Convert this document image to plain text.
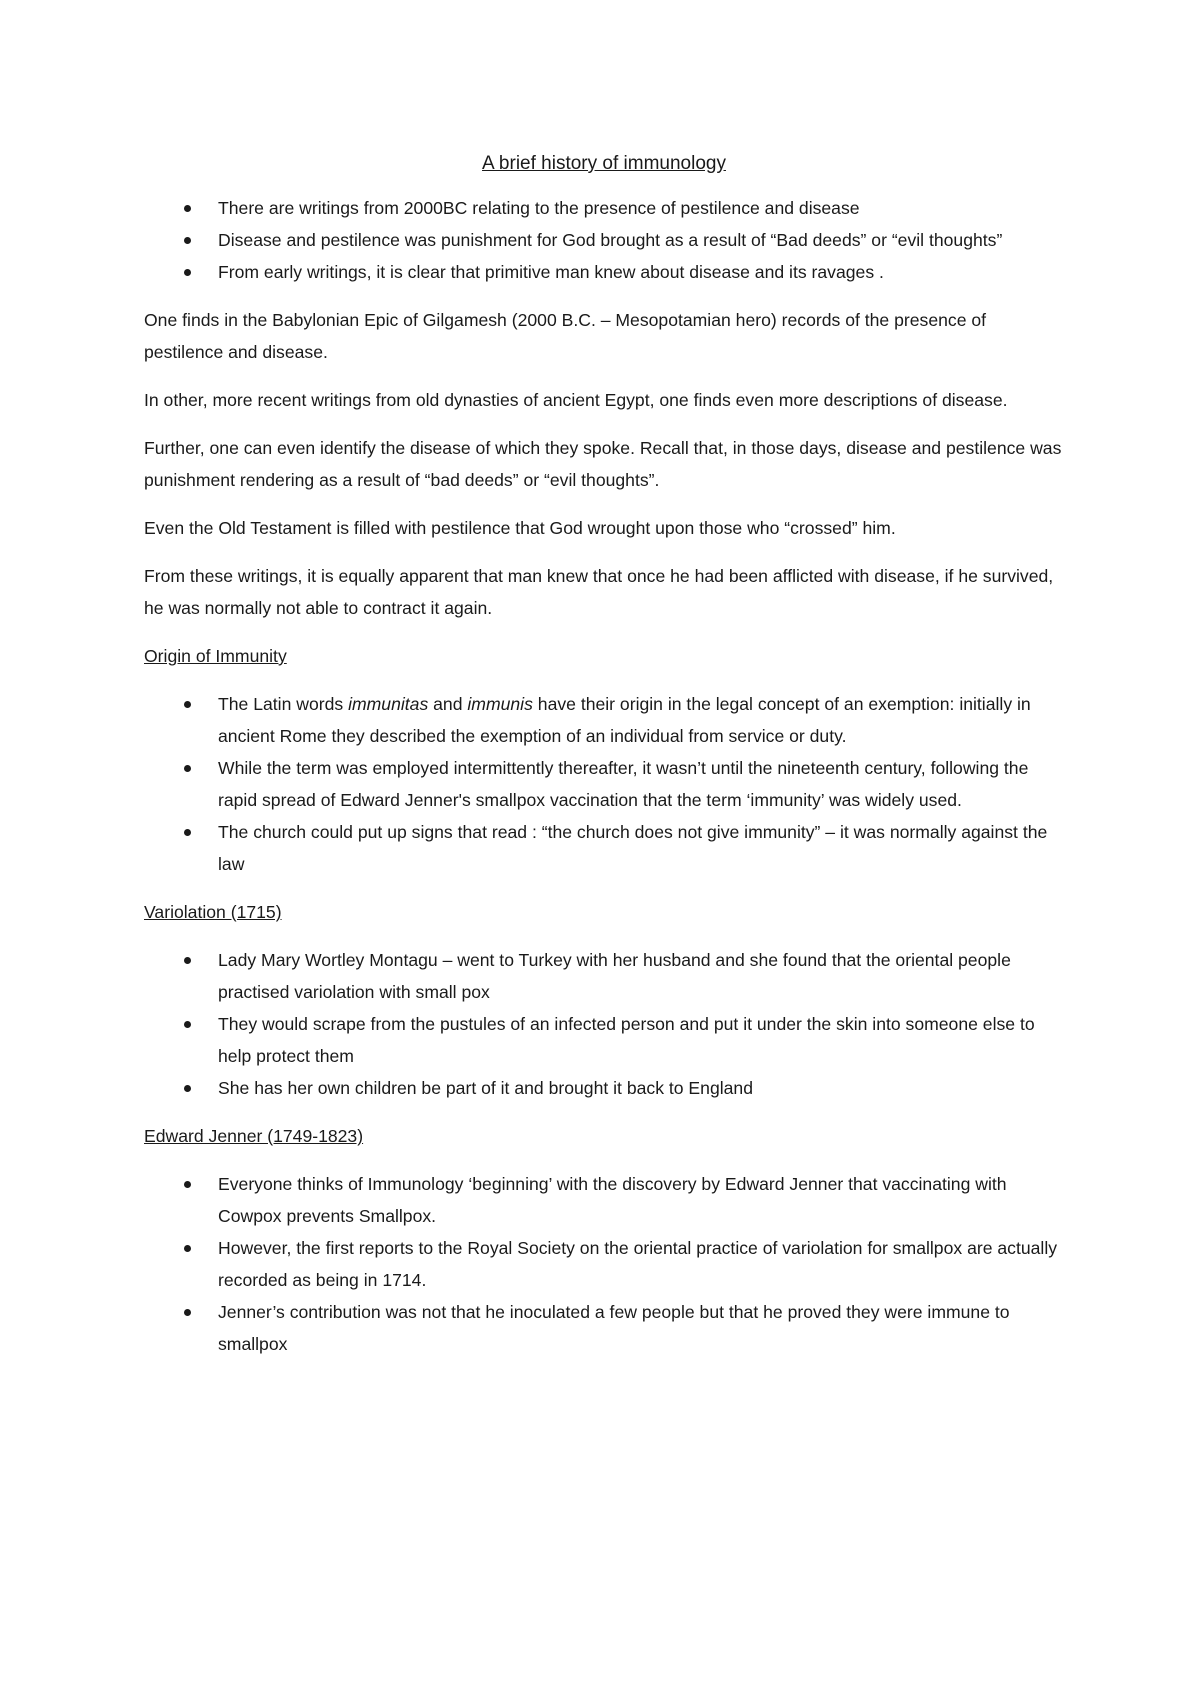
A brief history of immunology
There are writings from 2000BC relating to the presence of pestilence and disease
Disease and pestilence was punishment for God brought as a result of “Bad deeds” or “evil thoughts”
From early writings, it is clear that primitive man knew about disease and its ravages .

One finds in the Babylonian Epic of Gilgamesh (2000 B.C. – Mesopotamian hero) records of the presence of pestilence and disease.

In other, more recent writings from old dynasties of ancient Egypt, one finds even more descriptions of disease.

Further, one can even identify the disease of which they spoke. Recall that, in those days, disease and pestilence was punishment rendering as a result of “bad deeds” or “evil thoughts”.

Even the Old Testament is filled with pestilence that God wrought upon those who “crossed” him.

From these writings, it is equally apparent that man knew that once he had been afflicted with disease, if he survived, he was normally not able to contract it again.

Origin of Immunity
The Latin words immunitas and immunis have their origin in the legal concept of an exemption: initially in ancient Rome they described the exemption of an individual from service or duty.
While the term was employed intermittently thereafter, it wasn’t until the nineteenth century, following the rapid spread of Edward Jenner's smallpox vaccination that the term ‘immunity’ was widely used.
The church could put up signs that read : “the church does not give immunity” – it was normally against the law
Variolation (1715)
Lady Mary Wortley Montagu – went to Turkey with her husband and she found that the oriental people practised variolation with small pox
They would scrape from the pustules of an infected person and put it under the skin into someone else to help protect them
She has her own children be part of it and brought it back to England
Edward Jenner (1749-1823)
Everyone thinks of Immunology ‘beginning’ with the discovery by Edward Jenner that vaccinating with Cowpox prevents Smallpox.
However, the first reports to the Royal Society on the oriental practice of variolation for smallpox are actually recorded as being in 1714.
Jenner’s contribution was not that he inoculated a few people but that he proved they were immune to smallpox
